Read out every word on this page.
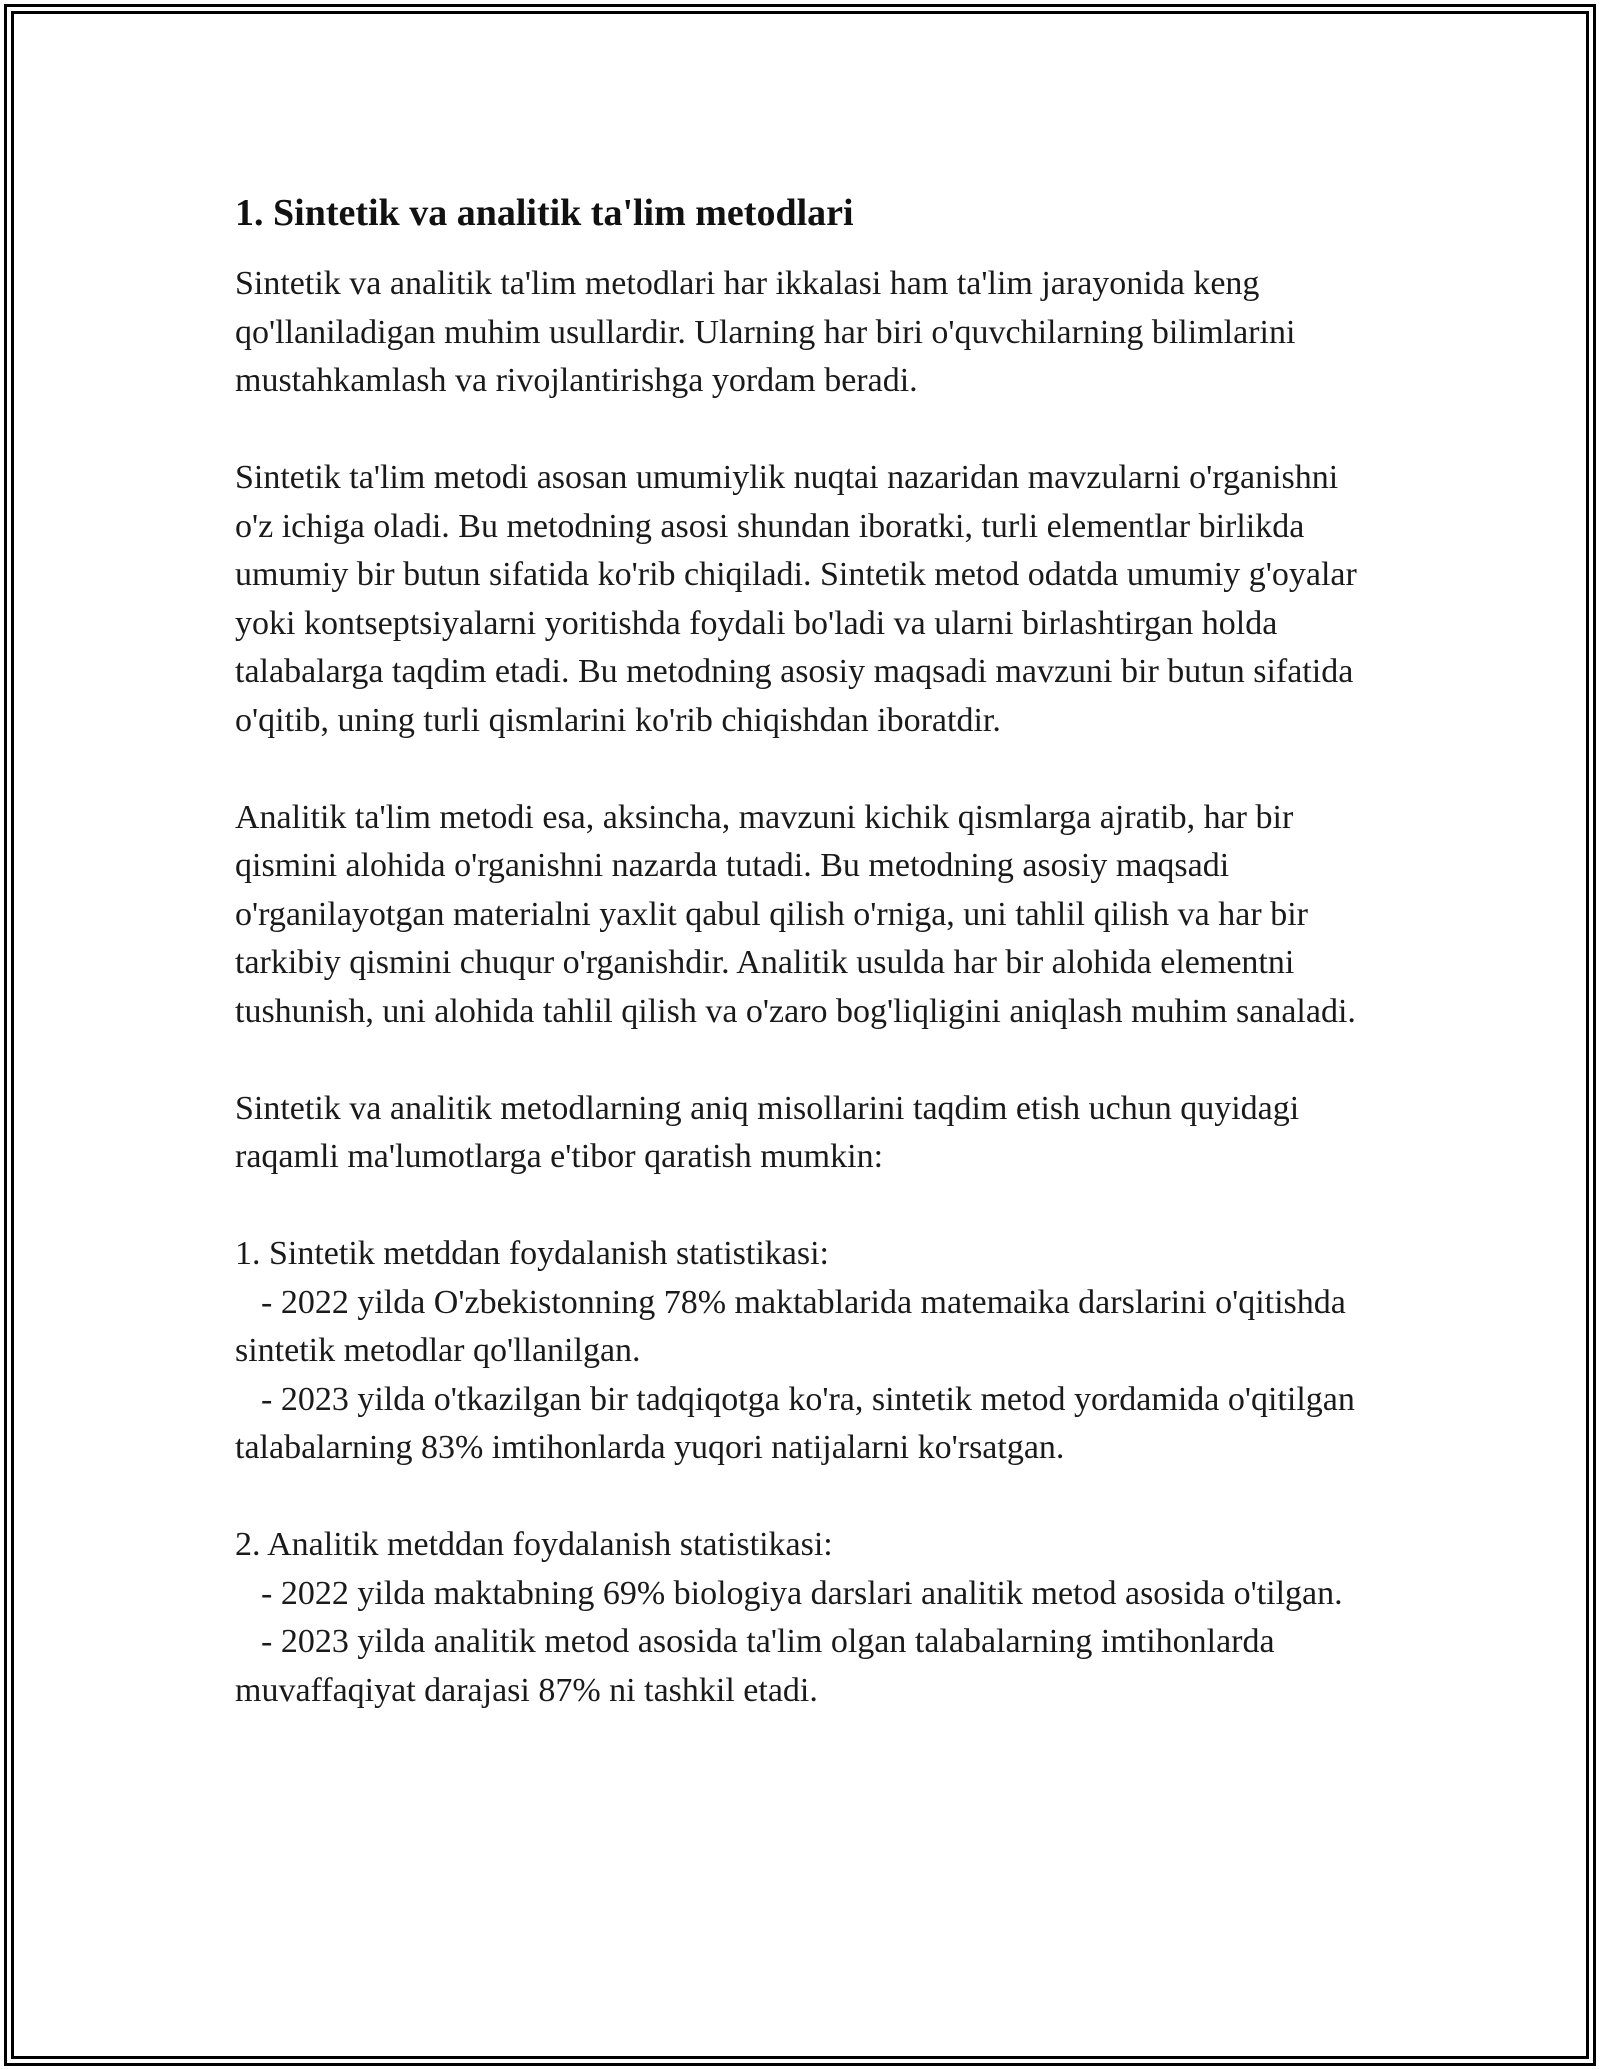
1. Sintetik va analitik ta'lim metodlari

Sintetik va analitik ta'lim metodlari har ikkalasi ham ta'lim jarayonida keng qo'llaniladigan muhim usullardir. Ularning har biri o'quvchilarning bilimlarini mustahkamlash va rivojlantirishga yordam beradi.

Sintetik ta'lim metodi asosan umumiylik nuqtai nazaridan mavzularni o'rganishni o'z ichiga oladi. Bu metodning asosi shundan iboratki, turli elementlar birlikda umumiy bir butun sifatida ko'rib chiqiladi. Sintetik metod odatda umumiy g'oyalar yoki kontseptsiyalarni yoritishda foydali bo'ladi va ularni birlashtirgan holda talabalarga taqdim etadi. Bu metodning asosiy maqsadi mavzuni bir butun sifatida o'qitib, uning turli qismlarini ko'rib chiqishdan iboratdir.

Analitik ta'lim metodi esa, aksincha, mavzuni kichik qismlarga ajratib, har bir qismini alohida o'rganishni nazarda tutadi. Bu metodning asosiy maqsadi o'rganilayotgan materialni yaxlit qabul qilish o'rniga, uni tahlil qilish va har bir tarkibiy qismini chuqur o'rganishdir. Analitik usulda har bir alohida elementni tushunish, uni alohida tahlil qilish va o'zaro bog'liqligini aniqlash muhim sanaladi.

Sintetik va analitik metodlarning aniq misollarini taqdim etish uchun quyidagi raqamli ma'lumotlarga e'tibor qaratish mumkin:

1. Sintetik metddan foydalanish statistikasi:

- 2022 yilda O'zbekistonning 78% maktablarida matemaika darslarini o'qitishda sintetik metodlar qo'llanilgan.

- 2023 yilda o'tkazilgan bir tadqiqotga ko'ra, sintetik metod yordamida o'qitilgan talabalarning 83% imtihonlarda yuqori natijalarni ko'rsatgan.

2. Analitik metddan foydalanish statistikasi:

- 2022 yilda maktabning 69% biologiya darslari analitik metod asosida o'tilgan.

- 2023 yilda analitik metod asosida ta'lim olgan talabalarning imtihonlarda muvaffaqiyat darajasi 87% ni tashkil etadi.
